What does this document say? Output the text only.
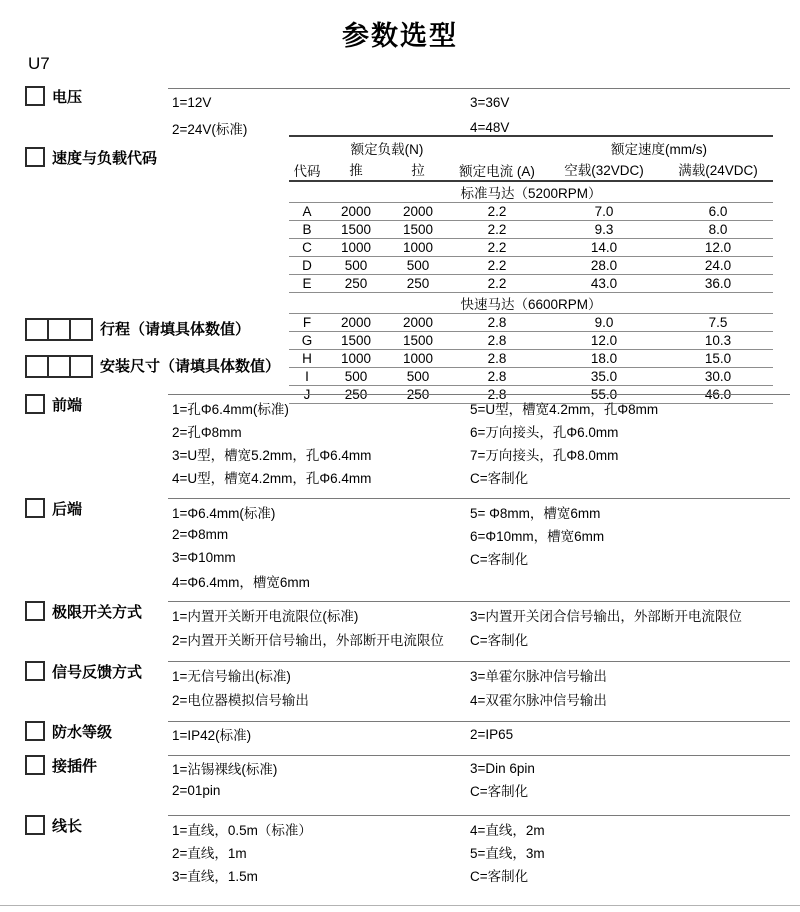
参数选型
U7
电压	1=12V
2=24V(标准)
3=36V
4=48V
速度与负载代码
代码	额定负载(N)		额定电流 (A)	额定速度(mm/s)	
	推	拉		空载(32VDC)	满载(24VDC)
标准马达（5200RPM）					
A	2000	2000	2.2	7.0	6.0
B	1500	1500	2.2	9.3	8.0
C	1000	1000	2.2	14.0	12.0
D	500	500	2.2	28.0	24.0
E	250	250	2.2	43.0	36.0
快速马达（6600RPM）					
F	2000	2000	2.8	9.0	7.5
G	1500	1500	2.8	12.0	10.3
H	1000	1000	2.8	18.0	15.0
I	500	500	2.8	35.0	30.0
J	250	250	2.8	55.0	46.0
行程（请填具体数值）
安装尺寸（请填具体数值）
前端	1=孔Φ6.4mm(标准)
2=孔Φ8mm
3=U型，槽宽5.2mm，孔Φ6.4mm
4=U型，槽宽4.2mm，孔Φ6.4mm
5=U型，槽宽4.2mm，孔Φ8mm
6=万向接头，孔Φ6.0mm
7=万向接头，孔Φ8.0mm
C=客制化
后端	1=Φ6.4mm(标准)
2=Φ8mm
3=Φ10mm
4=Φ6.4mm，槽宽6mm
5= Φ8mm，槽宽6mm
6=Φ10mm，槽宽6mm
C=客制化
极限开关方式 1=内置开关断开电流限位(标准)
2=内置开关断开信号输出，外部断开电流限位
3=内置开关闭合信号输出，外部断开电流限位
C=客制化
信号反馈方式 1=无信号输出(标准)
2=电位器模拟信号输出
3=单霍尔脉冲信号输出
4=双霍尔脉冲信号输出
防水等级	1=IP42(标准)	2=IP65
接插件	1=沾锡裸线(标准)
2=01pin
3=Din 6pin
C=客制化
线长	1=直线，0.5m（标准）
2=直线，1m
3=直线，1.5m
4=直线，2m
5=直线，3m
C=客制化
